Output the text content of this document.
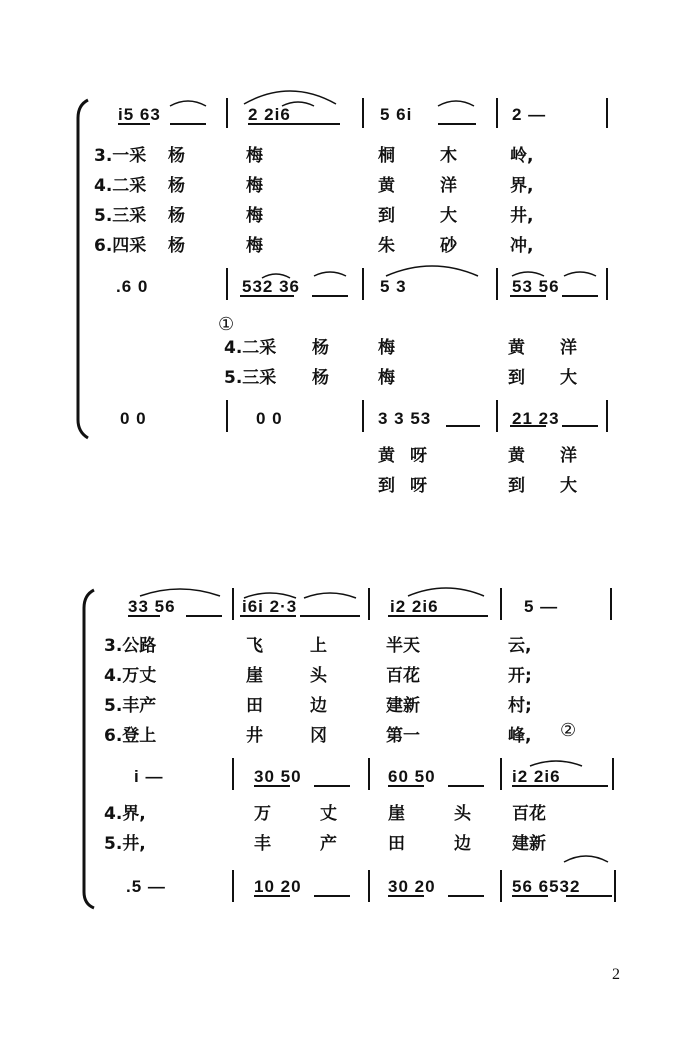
i5 63	2 2i6	5 6i	2 —
3.一采 杨	梅	桐	木	岭,
4.二采 杨	梅	黄	洋	界,
5.三采 杨	梅	到	大	井,
6.四采 杨	梅	朱	砂	冲,
.6 0	532 36	5 3	53 56
①
4.二采 杨	梅	黄 洋
5.三采 杨	梅	到 大
0 0	0 0	3 3 53	21 23
黄 呀	黄 洋
到 呀	到 大
33 56	i6i 2·3	i2 2i6	5 —
3.公路	飞	上	半天	云,
4.万丈	崖	头	百花	开;
5.丰产	田	边	建新	村;
6.登上	井	冈	第一	峰, ②
i —	30 50	60 50	i2 2i6
4.界,	万	丈	崖	头 百花
5.井,	丰	产	田	边 建新
.5 —	10 20	30 20	56 6532
2
